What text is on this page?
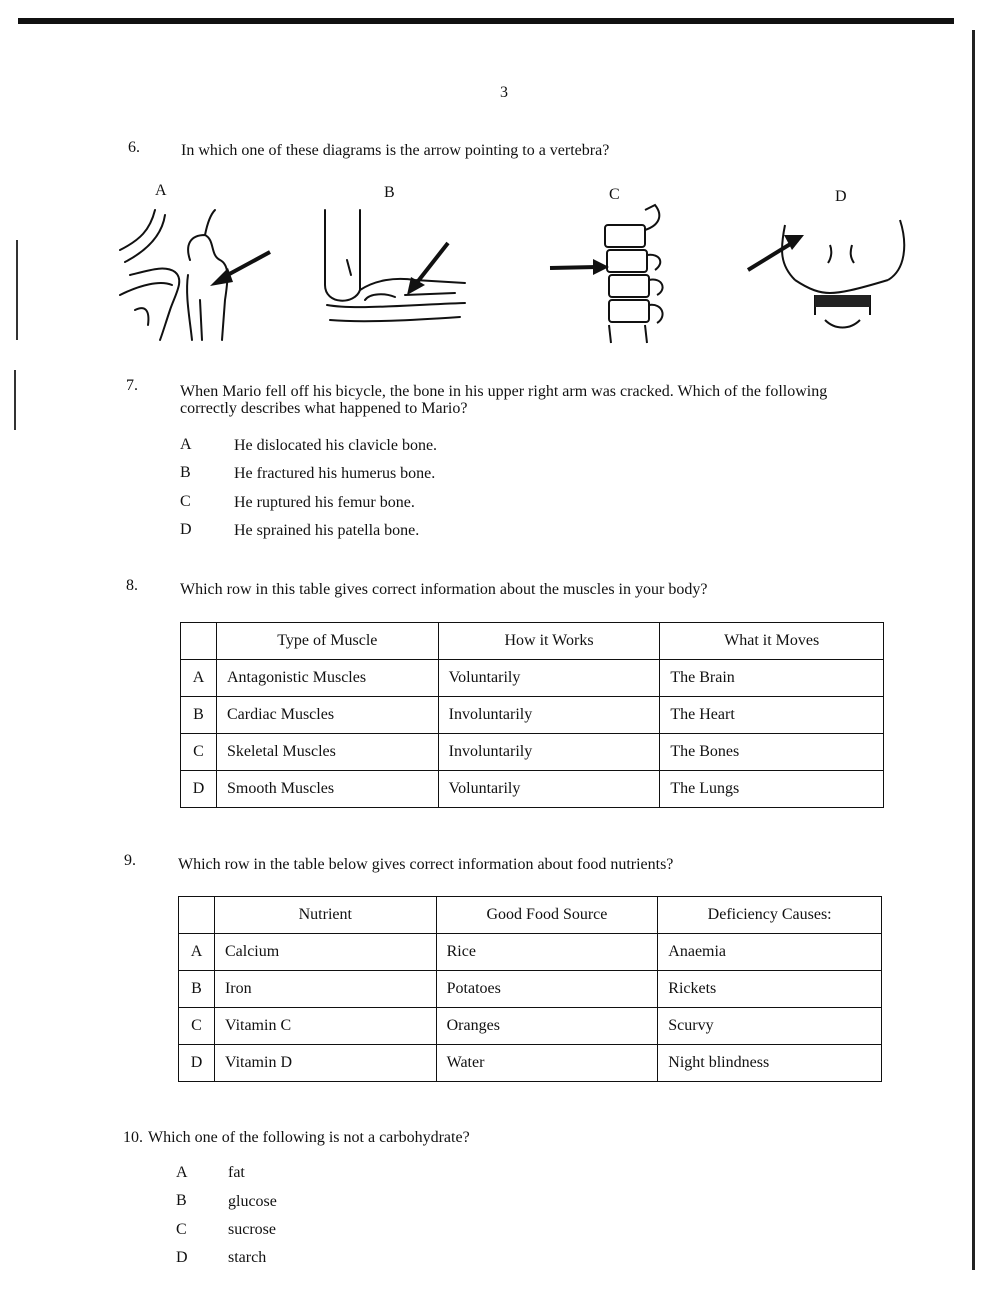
3
6.	In which one of these diagrams is the arrow pointing to a vertebra?
A	B	C	D
7.	When Mario fell off his bicycle, the bone in his upper right arm was cracked. Which of the following
correctly describes what happened to Mario?
A	He dislocated his clavicle bone.
B	He fractured his humerus bone.
C	He ruptured his femur bone.
D	He sprained his patella bone.
8.	Which row in this table gives correct information about the muscles in your body?
	Type of Muscle	How it Works	What it Moves
A	Antagonistic Muscles	Voluntarily	The Brain
B	Cardiac Muscles	Involuntarily	The Heart
C	Skeletal Muscles	Involuntarily	The Bones
D	Smooth Muscles	Voluntarily	The Lungs
9.	Which row in the table below gives correct information about food nutrients?
	Nutrient	Good Food Source	Deficiency Causes:
A	Calcium	Rice	Anaemia
B	Iron	Potatoes	Rickets
C	Vitamin C	Oranges	Scurvy
D	Vitamin D	Water	Night blindness
10. Which one of the following is not a carbohydrate?
A	fat
B	glucose
C	sucrose
D	starch
